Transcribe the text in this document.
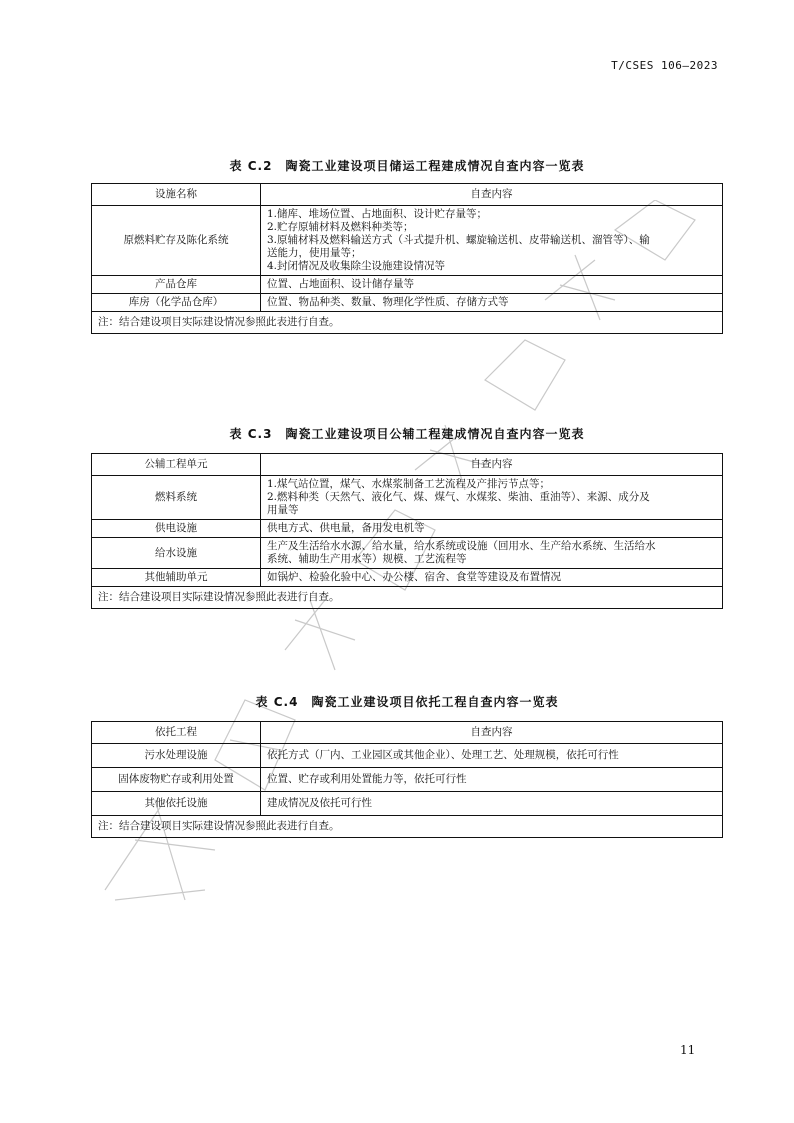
T/CSES 106—2023
表 C.2　陶瓷工业建设项目储运工程建成情况自查内容一览表
设施名称	自查内容
原燃料贮存及陈化系统	1.储库、堆场位置、占地面积、设计贮存量等；
2.贮存原辅材料及燃料种类等；
3.原辅材料及燃料输送方式（斗式提升机、螺旋输送机、皮带输送机、溜管等）、输
送能力，使用量等；
4.封闭情况及收集除尘设施建设情况等

产品仓库	位置、占地面积、设计储存量等

库房（化学品仓库）	位置、物品种类、数量、物理化学性质、存储方式等

注：结合建设项目实际建设情况参照此表进行自查。	
表 C.3　陶瓷工业建设项目公辅工程建成情况自查内容一览表
公辅工程单元	自查内容
燃料系统	1.煤气站位置，煤气、水煤浆制备工艺流程及产排污节点等；
2.燃料种类（天然气、液化气、煤、煤气、水煤浆、柴油、重油等）、来源、成分及
用量等

供电设施	供电方式、供电量，备用发电机等

给水设施	生产及生活给水水源、给水量，给水系统或设施（回用水、生产给水系统、生活给水
系统、辅助生产用水等）规模、工艺流程等

其他辅助单元	如锅炉、检验化验中心、办公楼、宿舍、食堂等建设及布置情况

注：结合建设项目实际建设情况参照此表进行自查。	
表 C.4　陶瓷工业建设项目依托工程自查内容一览表
依托工程	自查内容
污水处理设施	依托方式（厂内、工业园区或其他企业）、处理工艺、处理规模，依托可行性

固体废物贮存或利用处置	位置、贮存或利用处置能力等，依托可行性

其他依托设施	建成情况及依托可行性

注：结合建设项目实际建设情况参照此表进行自查。	
11
